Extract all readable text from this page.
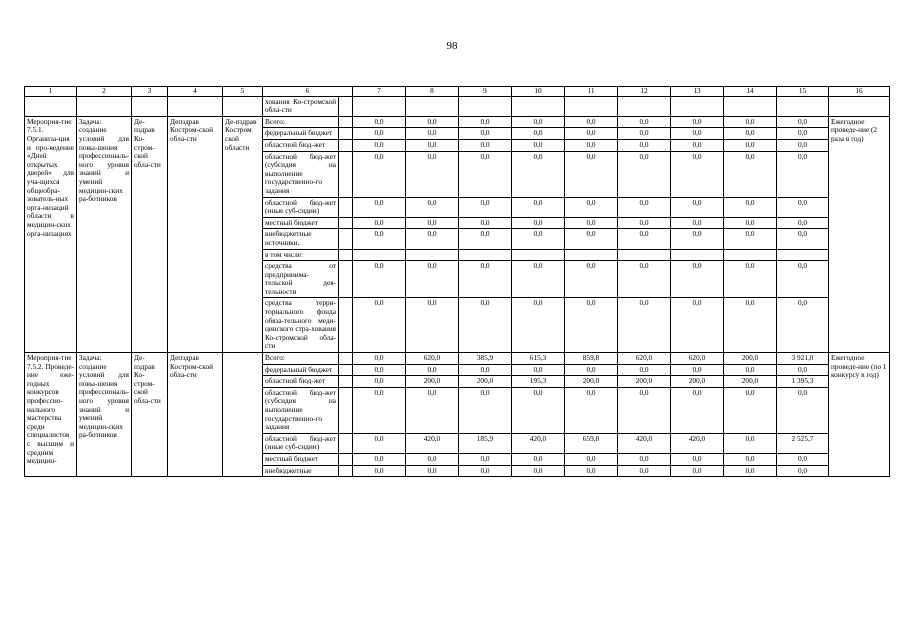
98
1	2	3	4	5	6		7	8	9	10	11	12	13	14	15	16
					хования Ко-стромской обла-сти											
Мероприя-тие 7.5.1. Организа-ция и про-ведение «Дней открытых дверей» для уча-щихся общеобра-зователь-ных орга-низаций области в медицин-ских орга-низациях	Задача: создание условий для повы-шения профессиональ-ного уровня знаний и умений медицин-ских ра-ботников	Де-пздрав Ко-стром-ской обла-сти	Депздрав Костром-ской обла-сти	Де-пздрав Костром ской области	Всего:		0,0	0,0	0,0	0,0	0,0	0,0	0,0	0,0	0,0	Ежегодное проведе-ние (2 раза в год)
					федеральный бюджет		0,0	0,0	0,0	0,0	0,0	0,0	0,0	0,0	0,0	
					областной бюд-жет		0,0	0,0	0,0	0,0	0,0	0,0	0,0	0,0	0,0	
					областной бюд-жет (субсидия на выполнение государственно-го задания		0,0	0,0	0,0	0,0	0,0	0,0	0,0	0,0	0,0	
					областной бюд-жет (иные суб-сидии)		0,0	0,0	0,0	0,0	0,0	0,0	0,0	0,0	0,0	
					местный бюджет		0,0	0,0	0,0	0,0	0,0	0,0	0,0	0,0	0,0	
					внебюджетные источники,		0,0	0,0	0,0	0,0	0,0	0,0	0,0	0,0	0,0	
					в том числе:											
					средства от предпринима-тельской дея-тельности		0,0	0,0	0,0	0,0	0,0	0,0	0,0	0,0	0,0	
					средства терри-ториального фонда обяза-тельного меди-цинского стра-хования Ко-стромской обла-сти		0,0	0,0	0,0	0,0	0,0	0,0	0,0	0,0	0,0	
Мероприя-тие 7.5.2. Проведе-ние еже-годных конкурсов профессио-нального мастерства среди специалистов с высшим и средним медицин-	Задача: создание условий для повы-шения профессиональ-ного уровня знаний и умений медицин-ских ра-ботников	Де-пздрав Ко-стром-ской обла-сти	Депздрав Костром-ской обла-сти		Всего:		0,0	620,0	385,9	615,3	859,8	620,0	620,0	200,0	3 921,0	Ежегодное проведе-ние (по 1 конкурсу в год)
					федеральный бюджет		0,0	0,0	0,0	0,0	0,0	0,0	0,0	0,0	0,0	
					областной бюд-жет		0,0	200,0	200,0	195,3	200,0	200,0	200,0	200,0	1 395,3	
					областной бюд-жет (субсидия на выполнение государственно-го задания		0,0	0,0	0,0	0,0	0,0	0,0	0,0	0,0	0,0	
					областной бюд-жет (иные суб-сидии)		0,0	420,0	185,9	420,0	659,8	420,0	420,0	0,0	2 525,7	
					местный бюджет		0,0	0,0	0,0	0,0	0,0	0,0	0,0	0,0	0,0	
					внебюджетные		0,0	0,0	0,0	0,0	0,0	0,0	0,0	0,0	0,0	
